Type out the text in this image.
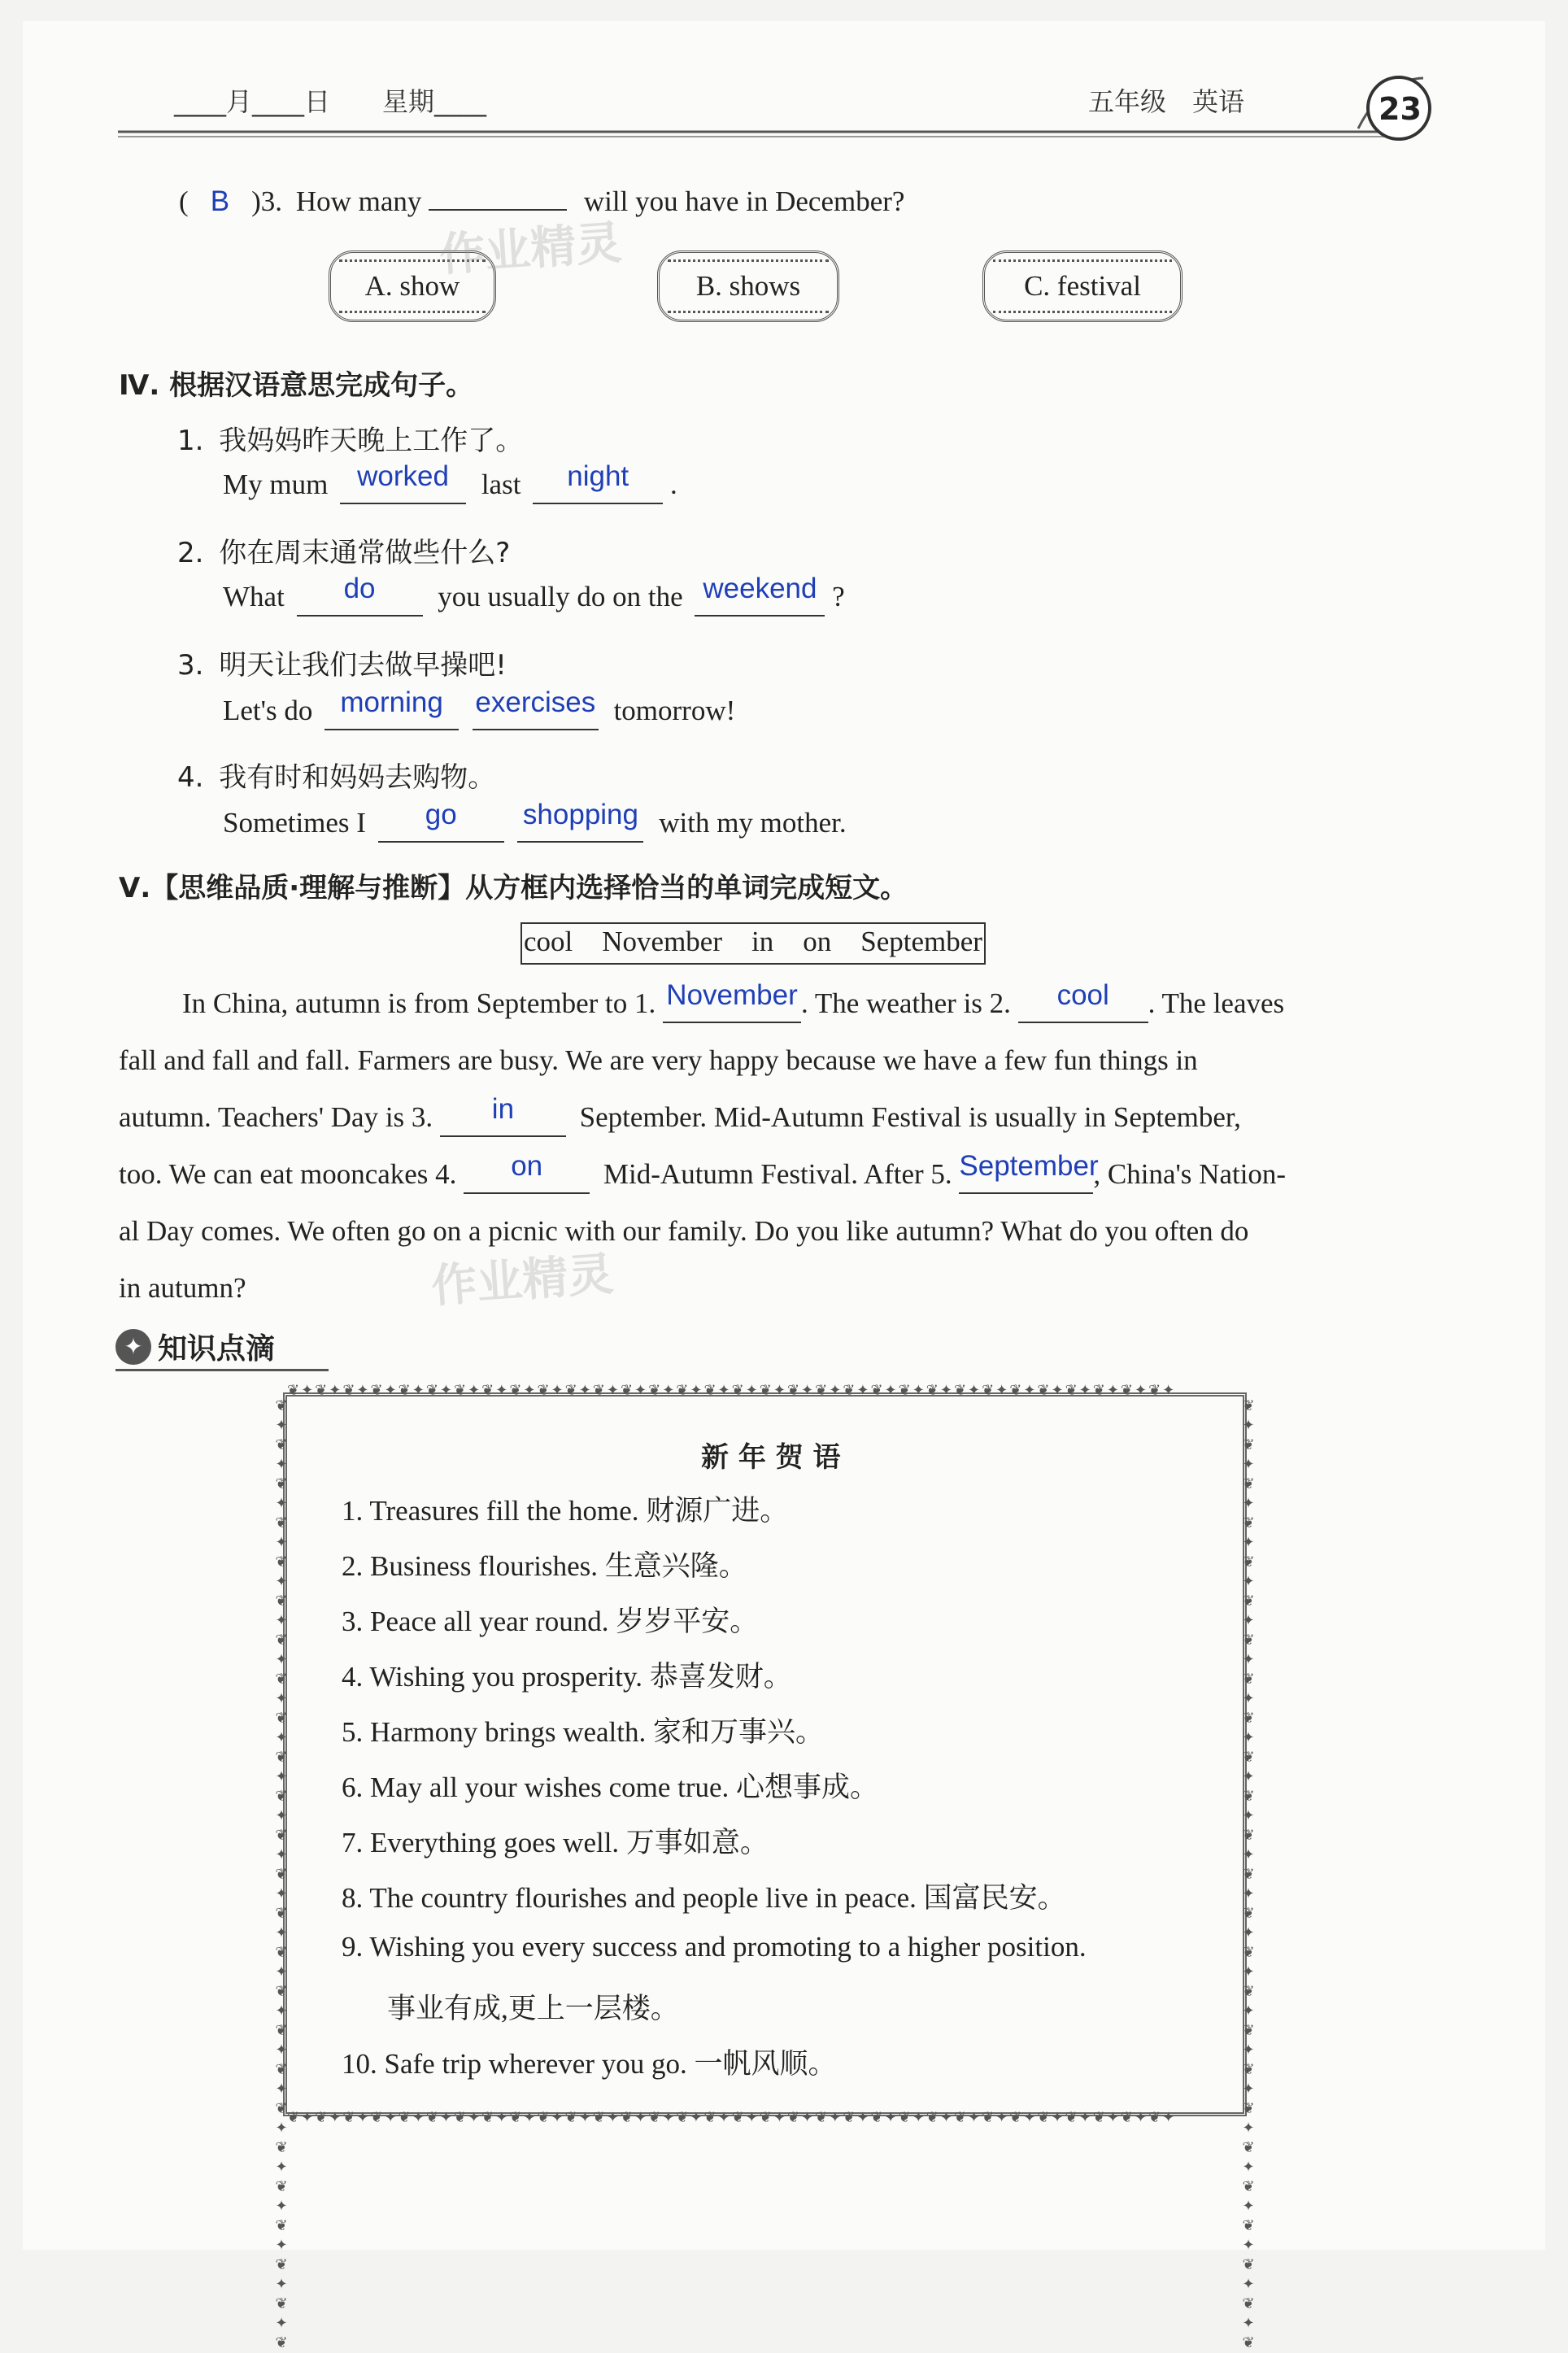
____月____日　　星期____	五年级　英语	23
( B )3. How many	will you have in December?
A. show	B. shows	C. festival
Ⅳ. 根据汉语意思完成句子。
1. 我妈妈昨天晚上工作了。
My mum worked last night .
2. 你在周末通常做些什么?
What do you usually do on the weekend ?
3. 明天让我们去做早操吧!
Let's do morning exercises tomorrow!
4. 我有时和妈妈去购物。
Sometimes I go shopping with my mother.
Ⅴ.【思维品质·理解与推断】从方框内选择恰当的单词完成短文。
cool November in on September
In China, autumn is from September to 1. November . The weather is 2. cool . The leaves
fall and fall and fall. Farmers are busy. We are very happy because we have a few fun things in
autumn. Teachers' Day is 3. in September. Mid-Autumn Festival is usually in September,
too. We can eat mooncakes 4. on Mid-Autumn Festival. After 5. September, China's Nation-
al Day comes. We often go on a picnic with our family. Do you like autumn? What do you often do
in autumn?
作业精灵
作业精灵
✦ 知识点滴
❦✦❦✦❦✦❦✦❦✦❦✦❦✦❦✦❦✦❦✦❦✦❦✦❦✦❦✦❦✦❦✦❦✦❦✦❦✦❦✦❦✦❦✦❦✦❦✦❦✦❦✦❦✦❦✦❦✦❦✦❦✦❦✦
❦✦❦✦❦✦❦✦❦✦❦✦❦✦❦✦❦✦❦✦❦✦❦✦❦✦❦✦❦✦❦✦❦✦❦✦❦✦❦✦❦✦❦✦❦✦❦✦❦✦❦✦❦✦❦✦❦✦❦✦❦✦❦✦
❦✦❦✦❦✦❦✦❦✦❦✦❦✦❦✦❦✦❦✦❦✦❦✦❦✦❦✦❦✦❦✦❦✦❦✦❦✦❦✦❦✦❦✦❦✦❦✦❦
❦✦❦✦❦✦❦✦❦✦❦✦❦✦❦✦❦✦❦✦❦✦❦✦❦✦❦✦❦✦❦✦❦✦❦✦❦✦❦✦❦✦❦✦❦✦❦✦❦
新 年 贺 语
1. Treasures fill the home. 财源广进。
2. Business flourishes. 生意兴隆。
3. Peace all year round. 岁岁平安。
4. Wishing you prosperity. 恭喜发财。
5. Harmony brings wealth. 家和万事兴。
6. May all your wishes come true. 心想事成。
7. Everything goes well. 万事如意。
8. The country flourishes and people live in peace. 国富民安。
9. Wishing you every success and promoting to a higher position.
事业有成,更上一层楼。
10. Safe trip wherever you go. 一帆风顺。
